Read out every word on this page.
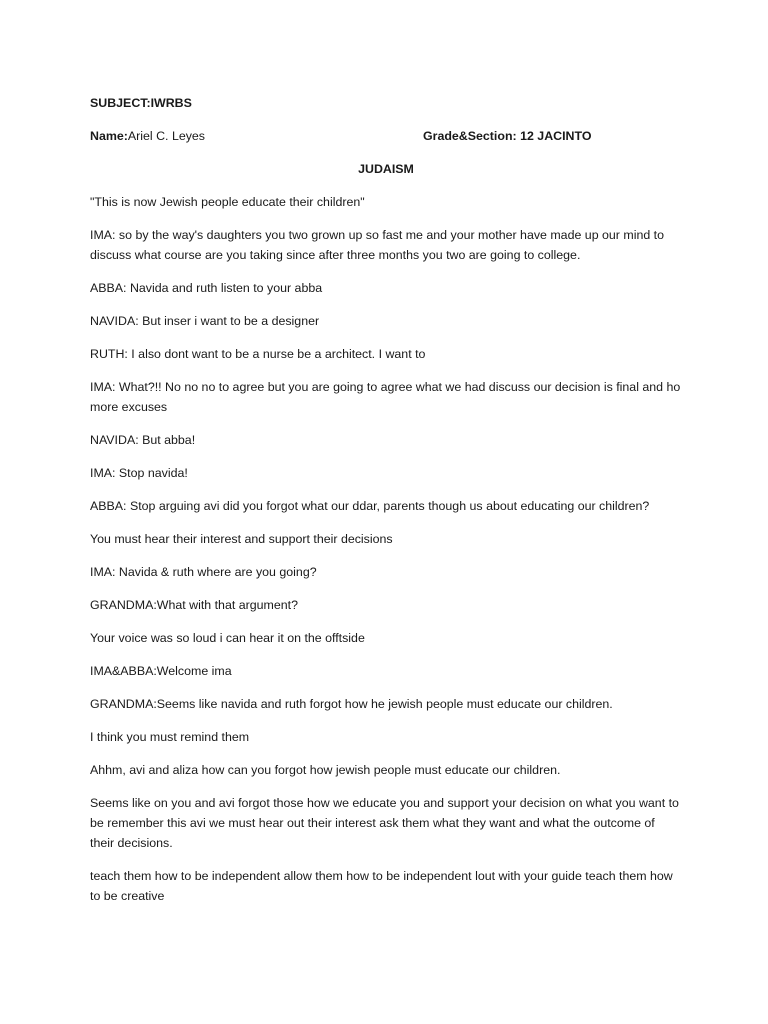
SUBJECT:IWRBS
Name:Ariel C. Leyes	Grade&Section: 12 JACINTO
JUDAISM
"This is now Jewish people educate their children"
IMA: so by the way's daughters you two grown up so fast me and your mother have made up our mind to discuss what course are you taking since after three months you two are going to college.
ABBA: Navida and ruth listen to your abba
NAVIDA: But inser i want to be a designer
RUTH: I also dont want to be a nurse be a architect. I want to
IMA: What?!! No no no to agree but you are going to agree what we had discuss our decision is final and ho more excuses
NAVIDA: But abba!
IMA: Stop navida!
ABBA: Stop arguing avi did you forgot what our ddar, parents though us about educating our children?
You must hear their interest and support their decisions
IMA: Navida & ruth where are you going?
GRANDMA:What with that argument?
Your voice was so loud i can hear it on the offtside
IMA&ABBA:Welcome ima
GRANDMA:Seems like navida and ruth forgot how he jewish people must educate our children.
I think you must remind them
Ahhm, avi and aliza how can you forgot how jewish people must educate our children.
Seems like on you and avi forgot those how we educate you and support your decision on what you want to be remember this avi we must hear out their interest ask them what they want and what the outcome of their decisions.
teach them how to be independent allow them how to be independent lout with your guide teach them how to be creative
